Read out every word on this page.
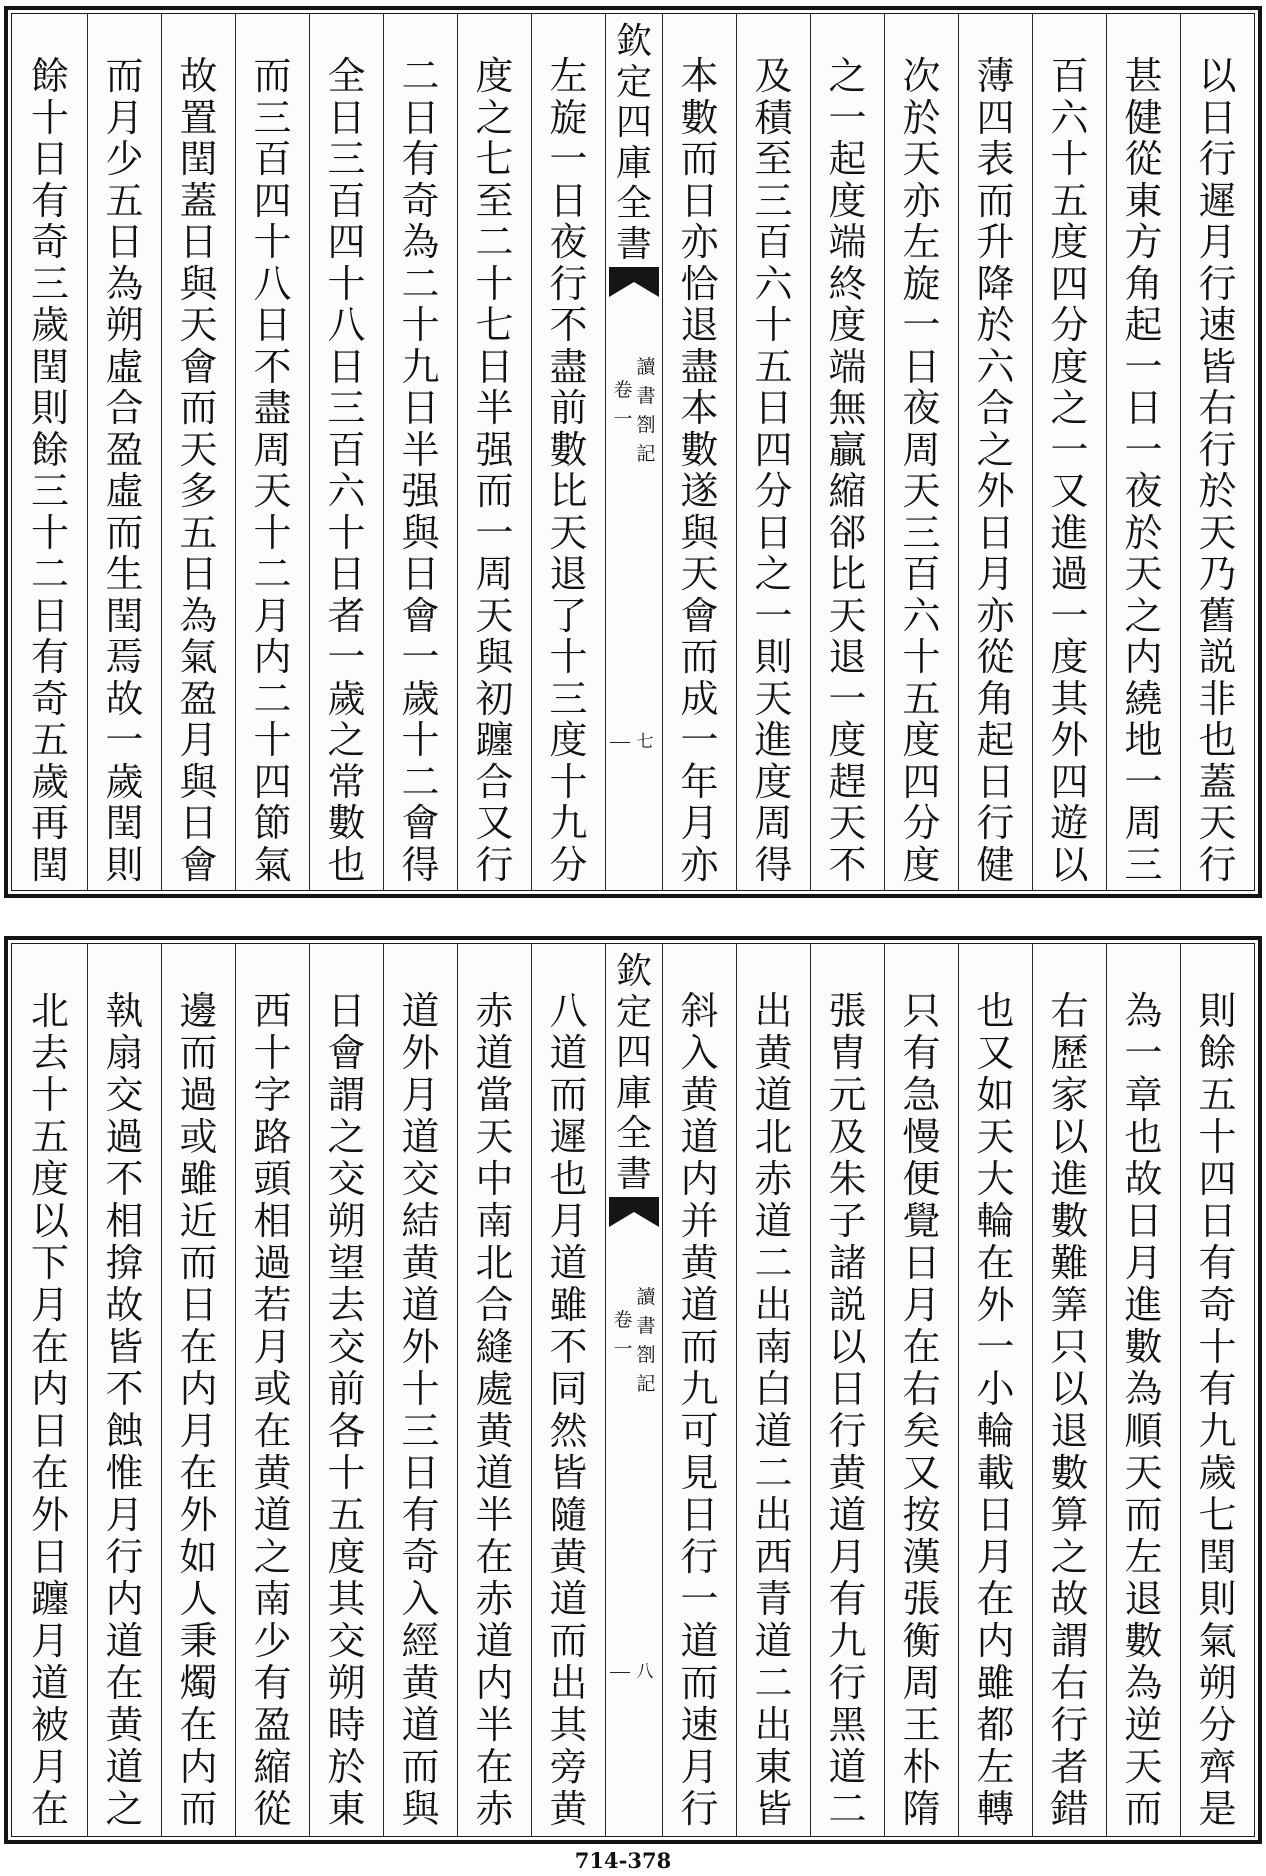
以
日
行
遲
月
行
速
皆
右
行
於
天
乃
舊
説
非
也
蓋
天
行
甚
健
從
東
方
角
起
一
日
一
夜
於
天
之
内
繞
地
一
周
三
百
六
十
五
度
四
分
度
之
一
又
進
過
一
度
其
外
四
遊
以
薄
四
表
而
升
降
於
六
合
之
外
日
月
亦
從
角
起
日
行
健
次
於
天
亦
左
旋
一
日
夜
周
天
三
百
六
十
五
度
四
分
度
之
一
起
度
端
終
度
端
無
贏
縮
郤
比
天
退
一
度
趕
天
不
及
積
至
三
百
六
十
五
日
四
分
日
之
一
則
天
進
度
周
得
本
數
而
日
亦
恰
退
盡
本
數
遂
與
天
會
而
成
一
年
月
亦
欽
定
四
庫
全
書
讀
書
劄
記
卷
一
七
左
旋
一
日
夜
行
不
盡
前
數
比
天
退
了
十
三
度
十
九
分
度
之
七
至
二
十
七
日
半
强
而
一
周
天
與
初
躔
合
又
行
二
日
有
奇
為
二
十
九
日
半
强
與
日
會
一
歲
十
二
會
得
全
日
三
百
四
十
八
日
三
百
六
十
日
者
一
歲
之
常
數
也
而
三
百
四
十
八
日
不
盡
周
天
十
二
月
内
二
十
四
節
氣
故
置
閏
蓋
日
與
天
會
而
天
多
五
日
為
氣
盈
月
與
日
會
而
月
少
五
日
為
朔
虛
合
盈
虛
而
生
閏
焉
故
一
歲
閏
則
餘
十
日
有
奇
三
歲
閏
則
餘
三
十
二
日
有
奇
五
歲
再
閏
則
餘
五
十
四
日
有
奇
十
有
九
歲
七
閏
則
氣
朔
分
齊
是
為
一
章
也
故
日
月
進
數
為
順
天
而
左
退
數
為
逆
天
而
右
歷
家
以
進
數
難
筭
只
以
退
數
算
之
故
謂
右
行
者
錯
也
又
如
天
大
輪
在
外
一
小
輪
載
日
月
在
内
雖
都
左
轉
只
有
急
慢
便
覺
日
月
在
右
矣
又
按
漢
張
衡
周
王
朴
隋
張
胄
元
及
朱
子
諸
説
以
日
行
黄
道
月
有
九
行
黑
道
二
出
黄
道
北
赤
道
二
出
南
白
道
二
出
西
青
道
二
出
東
皆
斜
入
黄
道
内
并
黄
道
而
九
可
見
日
行
一
道
而
速
月
行
欽
定
四
庫
全
書
讀
書
劄
記
卷
一
八
八
道
而
遲
也
月
道
雖
不
同
然
皆
隨
黄
道
而
出
其
旁
黄
赤
道
當
天
中
南
北
合
縫
處
黄
道
半
在
赤
道
内
半
在
赤
道
外
月
道
交
結
黄
道
外
十
三
日
有
奇
入
經
黄
道
而
與
日
會
謂
之
交
朔
望
去
交
前
各
十
五
度
其
交
朔
時
於
東
西
十
字
路
頭
相
過
若
月
或
在
黄
道
之
南
少
有
盈
縮
從
邊
而
過
或
雖
近
而
日
在
内
月
在
外
如
人
秉
燭
在
内
而
執
扇
交
過
不
相
揜
故
皆
不
蝕
惟
月
行
内
道
在
黄
道
之
北
去
十
五
度
以
下
月
在
内
日
在
外
日
躔
月
道
被
月
在
714-378
